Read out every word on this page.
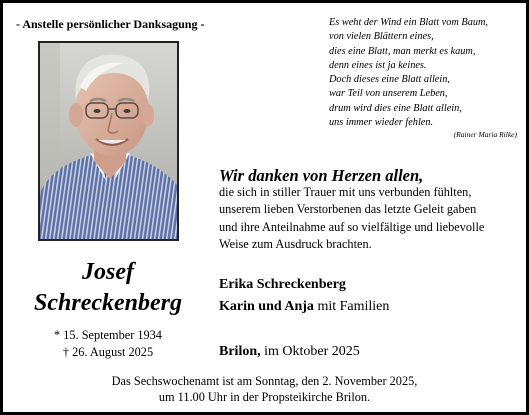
- Anstelle persönlicher Danksagung -	Es weht der Wind ein Blatt vom Baum,
von vielen Blättern eines,
dies eine Blatt, man merkt es kaum,
denn eines ist ja keines.
Doch dieses eine Blatt allein,
war Teil von unserem Leben,
drum wird dies eine Blatt allein,
uns immer wieder fehlen.
(Rainer Maria Rilke)
Wir danken von Herzen allen,
die sich in stiller Trauer mit uns verbunden fühlten,
unserem lieben Verstorbenen das letzte Geleit gaben
und ihre Anteilnahme auf so vielfältige und liebevolle
Weise zum Ausdruck brachten.
Josef
Schreckenberg
* 15. September 1934
† 26. August 2025
Erika Schreckenberg
Karin und Anja mit Familien
Brilon, im Oktober 2025
Das Sechswochenamt ist am Sonntag, den 2. November 2025,
um 11.00 Uhr in der Propsteikirche Brilon.
